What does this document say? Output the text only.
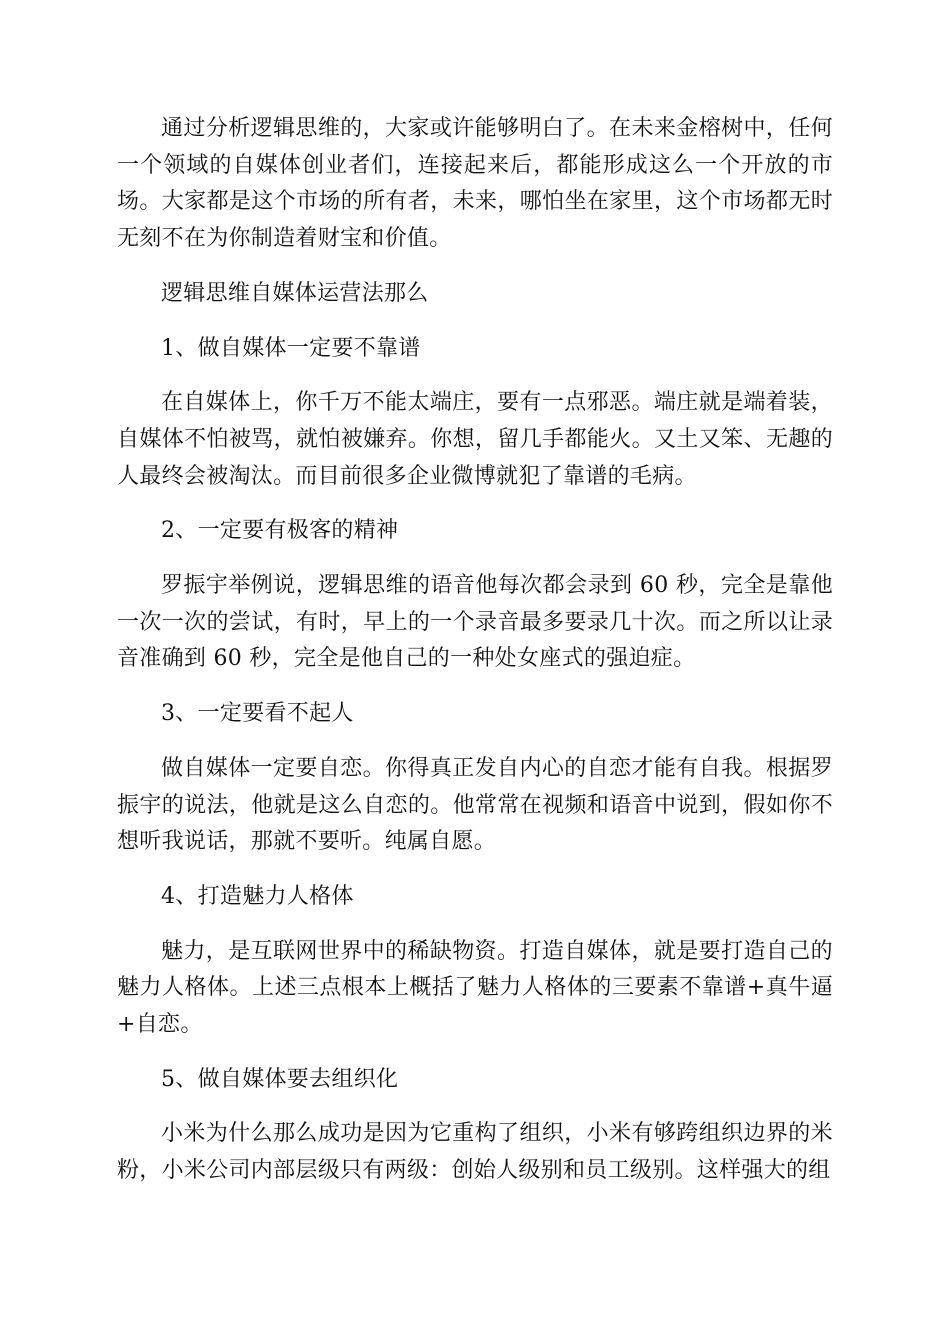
通过分析逻辑思维的，大家或许能够明白了。在未来金榕树中，任何一个领域的自媒体创业者们，连接起来后，都能形成这么一个开放的市场。大家都是这个市场的所有者，未来，哪怕坐在家里，这个市场都无时无刻不在为你制造着财宝和价值。

逻辑思维自媒体运营法那么

1、做自媒体一定要不靠谱

在自媒体上，你千万不能太端庄，要有一点邪恶。端庄就是端着装，自媒体不怕被骂，就怕被嫌弃。你想，留几手都能火。又土又笨、无趣的人最终会被淘汰。而目前很多企业微博就犯了靠谱的毛病。

2、一定要有极客的精神

罗振宇举例说，逻辑思维的语音他每次都会录到 60 秒，完全是靠他一次一次的尝试，有时，早上的一个录音最多要录几十次。而之所以让录音准确到 60 秒，完全是他自己的一种处女座式的强迫症。

3、一定要看不起人

做自媒体一定要自恋。你得真正发自内心的自恋才能有自我。根据罗振宇的说法，他就是这么自恋的。他常常在视频和语音中说到，假如你不想听我说话，那就不要听。纯属自愿。

4、打造魅力人格体

魅力，是互联网世界中的稀缺物资。打造自媒体，就是要打造自己的魅力人格体。上述三点根本上概括了魅力人格体的三要素不靠谱+真牛逼+自恋。

5、做自媒体要去组织化

小米为什么那么成功是因为它重构了组织，小米有够跨组织边界的米粉，小米公司内部层级只有两级：创始人级别和员工级别。这样强大的组
